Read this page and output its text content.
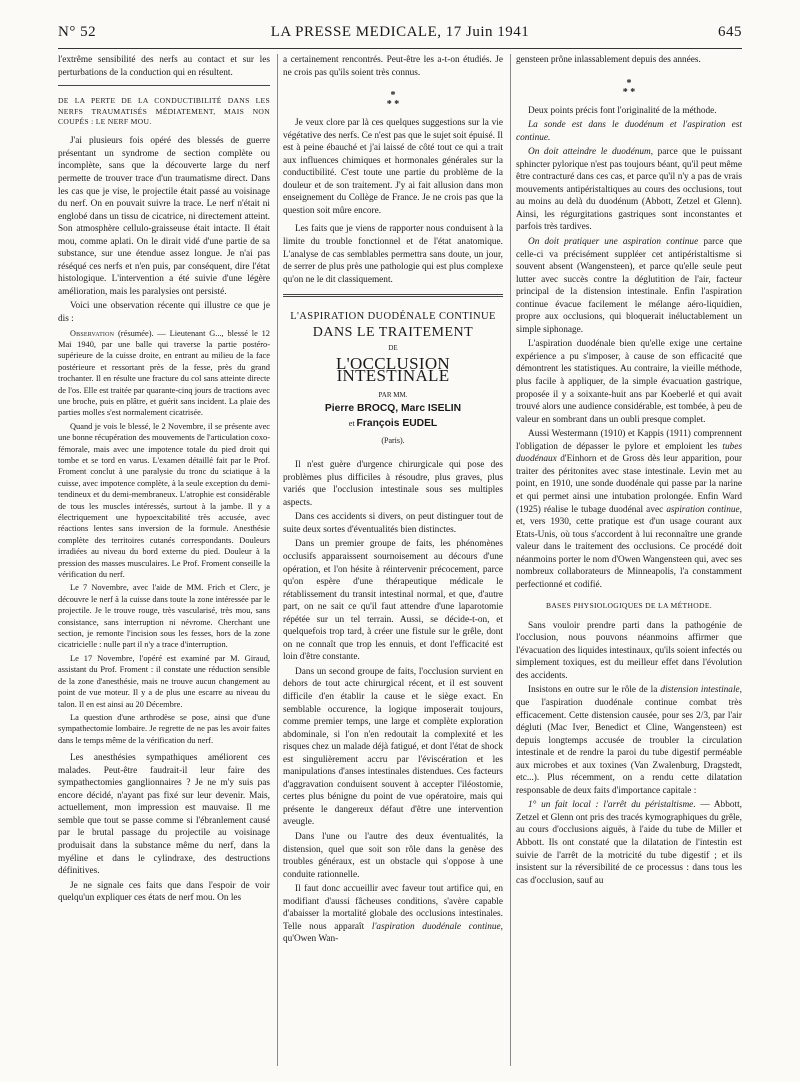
N° 52	LA PRESSE MEDICALE, 17 Juin 1941	645

l'extrême sensibilité des nerfs au contact et sur les perturbations de la conduction qui en résultent.

DE LA PERTE DE LA CONDUCTIBILITÉ DANS LES NERFS TRAUMATISÉS MÉDIATEMENT, MAIS NON COUPÉS : LE NERF MOU.

J'ai plusieurs fois opéré des blessés de guerre présentant un syndrome de section complète ou incomplète, sans que la découverte large du nerf permette de trouver trace d'un traumatisme direct. Dans les cas que je vise, le projectile était passé au voisinage du nerf. On en pouvait suivre la trace. Le nerf n'était ni englobé dans un tissu de cicatrice, ni directement atteint. Son atmosphère cellulo-graisseuse était intacte. Il était mou, comme aplati. On le dirait vidé d'une partie de sa substance, sur une étendue assez longue. Je n'ai pas réséqué ces nerfs et n'en puis, par conséquent, dire l'état histologique. L'intervention a été suivie d'une légère amélioration, mais les paralysies ont persisté.

Voici une observation récente qui illustre ce que je dis :

Observation (résumée). — Lieutenant G..., blessé le 12 Mai 1940, par une balle qui traverse la partie postéro-supérieure de la cuisse droite, en entrant au milieu de la face postérieure et ressortant près de la fesse, près du grand trochanter. Il en résulte une fracture du col sans atteinte directe de l'os. Elle est traitée par quarante-cinq jours de tractions avec une broche, puis en plâtre, et guérit sans incident. La plaie des parties molles s'est normalement cicatrisée.

Quand je vois le blessé, le 2 Novembre, il se présente avec une bonne récupération des mouvements de l'articulation coxo-fémorale, mais avec une impotence totale du pied droit qui tombe et se tord en varus. L'examen détaillé fait par le Prof. Froment conclut à une paralysie du tronc du sciatique à la cuisse, avec impotence complète, à la seule exception du demi-tendineux et du demi-membraneux. L'atrophie est considérable de tous les muscles intéressés, surtout à la jambe. Il y a électriquement une hypoexcitabilité très accusée, avec réactions lentes sans inversion de la formule. Anesthésie complète des territoires cutanés correspondants. Douleurs irradiées au niveau du bord externe du pied. Douleur à la pression des masses musculaires. Le Prof. Froment conseille la vérification du nerf.

Le 7 Novembre, avec l'aide de MM. Frich et Clerc, je découvre le nerf à la cuisse dans toute la zone intéressée par le projectile. Je le trouve rouge, très vascularisé, très mou, sans consistance, sans interruption ni névrome. Cherchant une section, je remonte l'incision sous les fesses, hors de la zone cicatricielle : nulle part il n'y a trace d'interruption.

Le 17 Novembre, l'opéré est examiné par M. Giraud, assistant du Prof. Froment : il constate une réduction sensible de la zone d'anesthésie, mais ne trouve aucun changement au point de vue moteur. Il y a de plus une escarre au niveau du talon. Il en est ainsi au 20 Décembre.

La question d'une arthrodèse se pose, ainsi que d'une sympathectomie lombaire. Je regrette de ne pas les avoir faites dans le temps même de la vérification du nerf.

Les anesthésies sympathiques améliorent ces malades. Peut-être faudrait-il leur faire des sympathectomies ganglionnaires ? Je ne m'y suis pas encore décidé, n'ayant pas fixé sur leur devenir. Mais, actuellement, mon impression est mauvaise. Il me semble que tout se passe comme si l'ébranlement causé par le brutal passage du projectile au voisinage produisait dans la substance même du nerf, dans la myéline et dans le cylindraxe, des destructions définitives.

Je ne signale ces faits que dans l'espoir de voir quelqu'un expliquer ces états de nerf mou. On les

a certainement rencontrés. Peut-être les a-t-on étudiés. Je ne crois pas qu'ils soient très connus.

*
* *

Je veux clore par là ces quelques suggestions sur la vie végétative des nerfs. Ce n'est pas que le sujet soit épuisé. Il est à peine ébauché et j'ai laissé de côté tout ce qui a trait aux influences chimiques et hormonales générales sur la conductibilité. C'est toute une partie du problème de la douleur et de son traitement. J'y ai fait allusion dans mon enseignement du Collège de France. Je ne crois pas que la question soit mûre encore.

Les faits que je viens de rapporter nous conduisent à la limite du trouble fonctionnel et de l'état anatomique. L'analyse de cas semblables permettra sans doute, un jour, de serrer de plus près une pathologie qui est plus complexe qu'on ne le dit classiquement.

L'ASPIRATION DUODÉNALE CONTINUE
DANS LE TRAITEMENT
DE
L'OCCLUSION INTESTINALE
PAR MM.
Pierre BROCQ, Marc ISELIN
et François EUDEL
(Paris).

Il n'est guère d'urgence chirurgicale qui pose des problèmes plus difficiles à résoudre, plus graves, plus variés que l'occlusion intestinale sous ses multiples aspects.

Dans ces accidents si divers, on peut distinguer tout de suite deux sortes d'éventualités bien distinctes.

Dans un premier groupe de faits, les phénomènes occlusifs apparaissent sournoisement au décours d'une opération, et l'on hésite à réintervenir précocement, parce qu'on espère d'une thérapeutique médicale le rétablissement du transit intestinal normal, et que, d'autre part, on ne sait ce qu'il faut attendre d'une laparotomie répétée sur un tel terrain. Aussi, se décide-t-on, et quelquefois trop tard, à créer une fistule sur le grêle, dont on ne connaît que trop les ennuis, et dont l'efficacité est loin d'être constante.

Dans un second groupe de faits, l'occlusion survient en dehors de tout acte chirurgical récent, et il est souvent difficile d'en établir la cause et le siège exact. En semblable occurence, la logique imposerait toujours, comme premier temps, une large et complète exploration abdominale, si l'on n'en redoutait la complexité et les risques chez un malade déjà fatigué, et dont l'état de shock est singulièrement accru par l'éviscération et les manipulations d'anses intestinales distendues. Ces facteurs d'aggravation conduisent souvent à accepter l'iléostomie, certes plus bénigne du point de vue opératoire, mais qui présente le dangereux défaut d'être une intervention aveugle.

Dans l'une ou l'autre des deux éventualités, la distension, quel que soit son rôle dans la genèse des troubles généraux, est un obstacle qui s'oppose à une conduite rationnelle.

Il faut donc accueillir avec faveur tout artifice qui, en modifiant d'aussi fâcheuses conditions, s'avère capable d'abaisser la mortalité globale des occlusions intestinales. Telle nous apparaît l'aspiration duodénale continue, qu'Owen Wan-

gensteen prône inlassablement depuis des années.

*
* *

Deux points précis font l'originalité de la méthode.

La sonde est dans le duodénum et l'aspiration est continue.

On doit atteindre le duodénum, parce que le puissant sphincter pylorique n'est pas toujours béant, qu'il peut même être contracturé dans ces cas, et parce qu'il n'y a pas de vrais mouvements antipéristaltiques au cours des occlusions, tout au moins au delà du duodénum (Abbott, Zetzel et Glenn). Ainsi, les régurgitations gastriques sont inconstantes et parfois très tardives.

On doit pratiquer une aspiration continue parce que celle-ci va précisément suppléer cet antipéristaltisme si souvent absent (Wangensteen), et parce qu'elle seule peut lutter avec succès contre la déglutition de l'air, facteur principal de la distension intestinale. Enfin l'aspiration continue évacue facilement le mélange aéro-liquidien, propre aux occlusions, qui bloquerait inéluctablement un simple siphonage.

L'aspiration duodénale bien qu'elle exige une certaine expérience a pu s'imposer, à cause de son efficacité que démontrent les statistiques. Au contraire, la vieille méthode, plus facile à appliquer, de la simple évacuation gastrique, proposée il y a soixante-huit ans par Koeberlé et qui avait trouvé alors une audience considérable, est tombée, à peu de valeur en sombrant dans un oubli presque complet.

Aussi Westermann (1910) et Kappis (1911) comprennent l'obligation de dépasser le pylore et emploient les tubes duodénaux d'Einhorn et de Gross dès leur apparition, pour traiter des péritonites avec stase intestinale. Levin met au point, en 1910, une sonde duodénale qui passe par la narine et qui permet ainsi une intubation prolongée. Enfin Ward (1925) réalise le tubage duodénal avec aspiration continue, et, vers 1930, cette pratique est d'un usage courant aux Etats-Unis, où tous s'accordent à lui reconnaître une grande valeur dans le traitement des occlusions. Ce procédé doit néanmoins porter le nom d'Owen Wangensteen qui, avec ses nombreux collaborateurs de Minneapolis, l'a constamment perfectionné et codifié.

BASES PHYSIOLOGIQUES DE LA MÉTHODE.

Sans vouloir prendre parti dans la pathogénie de l'occlusion, nous pouvons néanmoins affirmer que l'évacuation des liquides intestinaux, qu'ils soient infectés ou simplement toxiques, est du meilleur effet dans l'évolution des accidents.

Insistons en outre sur le rôle de la distension intestinale, que l'aspiration duodénale continue combat très efficacement. Cette distension causée, pour ses 2/3, par l'air dégluti (Mac Iver, Benedict et Cline, Wangensteen) est depuis longtemps accusée de troubler la circulation intestinale et de rendre la paroi du tube digestif perméable aux microbes et aux toxines (Van Zwalenburg, Dragstedt, etc...). Plus récemment, on a rendu cette dilatation responsable de deux faits d'importance capitale :

1° un fait local : l'arrêt du péristaltisme. — Abbott, Zetzel et Glenn ont pris des tracés kymographiques du grêle, au cours d'occlusions aiguës, à l'aide du tube de Miller et Abbott. Ils ont constaté que la dilatation de l'intestin est suivie de l'arrêt de la motricité du tube digestif ; et ils insistent sur la réversibilité de ce processus : dans tous les cas d'occlusion, sauf au
